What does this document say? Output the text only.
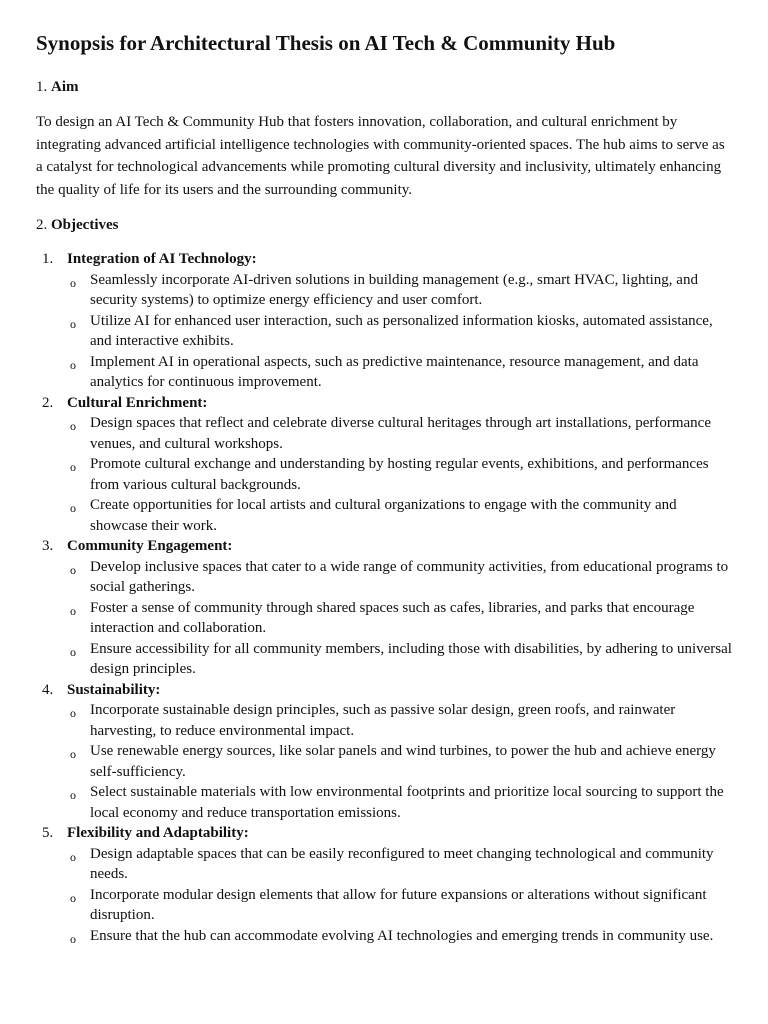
Synopsis for Architectural Thesis on AI Tech & Community Hub
1. Aim

To design an AI Tech & Community Hub that fosters innovation, collaboration, and cultural enrichment by integrating advanced artificial intelligence technologies with community-oriented spaces. The hub aims to serve as a catalyst for technological advancements while promoting cultural diversity and inclusivity, ultimately enhancing the quality of life for its users and the surrounding community.

2. Objectives
1. Integration of AI Technology:
o Seamlessly incorporate AI-driven solutions in building management (e.g., smart HVAC, lighting, and security systems) to optimize energy efficiency and user comfort.
o Utilize AI for enhanced user interaction, such as personalized information kiosks, automated assistance, and interactive exhibits.
o Implement AI in operational aspects, such as predictive maintenance, resource management, and data analytics for continuous improvement.
2. Cultural Enrichment:
o Design spaces that reflect and celebrate diverse cultural heritages through art installations, performance venues, and cultural workshops.
o Promote cultural exchange and understanding by hosting regular events, exhibitions, and performances from various cultural backgrounds.
o Create opportunities for local artists and cultural organizations to engage with the community and showcase their work.
3. Community Engagement:
o Develop inclusive spaces that cater to a wide range of community activities, from educational programs to social gatherings.
o Foster a sense of community through shared spaces such as cafes, libraries, and parks that encourage interaction and collaboration.
o Ensure accessibility for all community members, including those with disabilities, by adhering to universal design principles.
4. Sustainability:
o Incorporate sustainable design principles, such as passive solar design, green roofs, and rainwater harvesting, to reduce environmental impact.
o Use renewable energy sources, like solar panels and wind turbines, to power the hub and achieve energy self-sufficiency.
o Select sustainable materials with low environmental footprints and prioritize local sourcing to support the local economy and reduce transportation emissions.
5. Flexibility and Adaptability:
o Design adaptable spaces that can be easily reconfigured to meet changing technological and community needs.
o Incorporate modular design elements that allow for future expansions or alterations without significant disruption.
o Ensure that the hub can accommodate evolving AI technologies and emerging trends in community use.
